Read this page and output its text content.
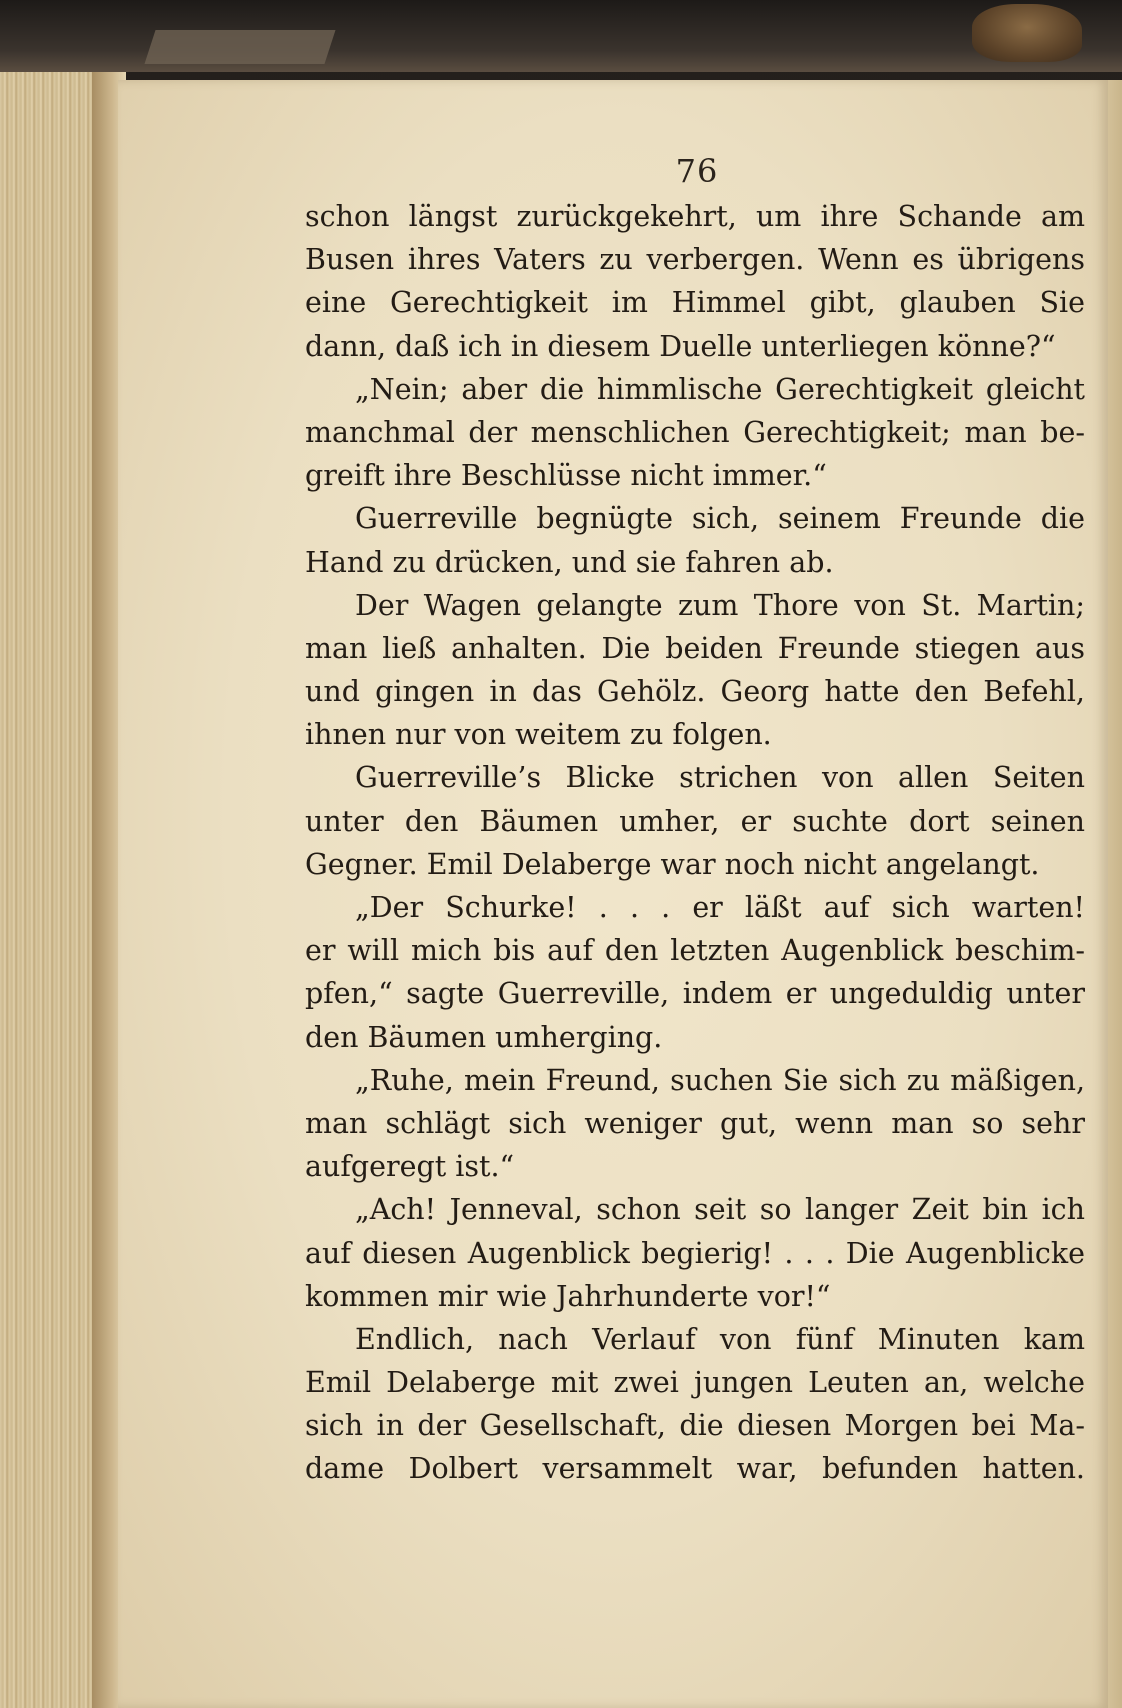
76
schon längst zurückgekehrt, um ihre Schande am
Busen ihres Vaters zu verbergen. Wenn es übrigens
eine Gerechtigkeit im Himmel gibt, glauben Sie
dann, daß ich in diesem Duelle unterliegen könne?“
„Nein; aber die himmlische Gerechtigkeit gleicht
manchmal der menschlichen Gerechtigkeit; man be-
greift ihre Beschlüsse nicht immer.“
Guerreville begnügte sich, seinem Freunde die
Hand zu drücken, und sie fahren ab.
Der Wagen gelangte zum Thore von St. Martin;
man ließ anhalten. Die beiden Freunde stiegen aus
und gingen in das Gehölz. Georg hatte den Befehl,
ihnen nur von weitem zu folgen.
Guerreville’s Blicke strichen von allen Seiten
unter den Bäumen umher, er suchte dort seinen
Gegner. Emil Delaberge war noch nicht angelangt.
„Der Schurke! . . . er läßt auf sich warten!
er will mich bis auf den letzten Augenblick beschim-
pfen,“ sagte Guerreville, indem er ungeduldig unter
den Bäumen umherging.
„Ruhe, mein Freund, suchen Sie sich zu mäßigen,
man schlägt sich weniger gut, wenn man so sehr
aufgeregt ist.“
„Ach! Jenneval, schon seit so langer Zeit bin ich
auf diesen Augenblick begierig! . . . Die Augenblicke
kommen mir wie Jahrhunderte vor!“
Endlich, nach Verlauf von fünf Minuten kam
Emil Delaberge mit zwei jungen Leuten an, welche
sich in der Gesellschaft, die diesen Morgen bei Ma-
dame Dolbert versammelt war, befunden hatten.
